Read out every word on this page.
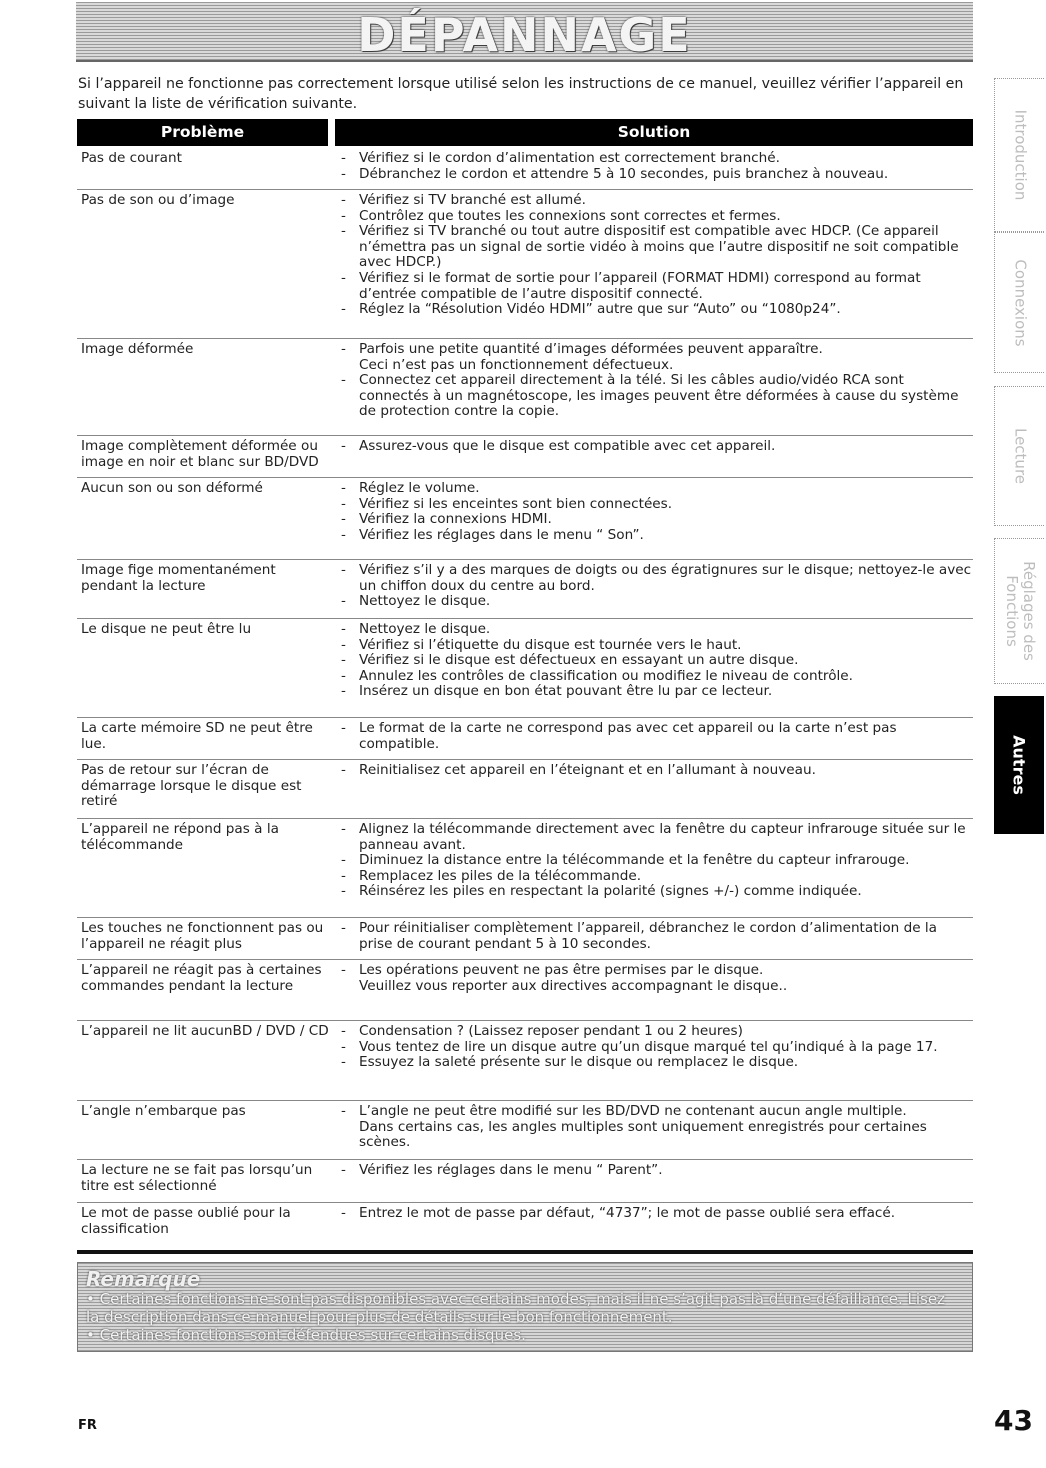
DÉPANNAGE
Si l’appareil ne fonctionne pas correctement lorsque utilisé selon les instructions de ce manuel, veuillez vérifier l’appareil en suivant la liste de vérification suivante.
Problème	Solution
Pas de courant	- Vérifiez si le cordon d’alimentation est correctement branché.
- Débranchez le cordon et attendre 5 à 10 secondes, puis branchez à nouveau.
Pas de son ou d’image	- Vérifiez si TV branché est allumé.
- Contrôlez que toutes les connexions sont correctes et fermes.
- Vérifiez si TV branché ou tout autre dispositif est compatible avec HDCP. (Ce appareil n’émettra pas un signal de sortie vidéo à moins que l’autre dispositif ne soit compatible avec HDCP.)
- Vérifiez si le format de sortie pour l’appareil (FORMAT HDMI) correspond au format d’entrée compatible de l’autre dispositif connecté.
- Réglez la “Résolution Vidéo HDMI” autre que sur “Auto” ou “1080p24”.
Image déformée	- Parfois une petite quantité d’images déformées peuvent apparaître.
Ceci n’est pas un fonctionnement défectueux.
- Connectez cet appareil directement à la télé. Si les câbles audio/vidéo RCA sont connectés à un magnétoscope, les images peuvent être déformées à cause du système de protection contre la copie.
Image complètement déformée ou image en noir et blanc sur BD/DVD
- Assurez-vous que le disque est compatible avec cet appareil.
Aucun son ou son déformé	- Réglez le volume.
- Vérifiez si les enceintes sont bien connectées.
- Vérifiez la connexions HDMI.
- Vérifiez les réglages dans le menu “ Son”.
Image fige momentanément pendant la lecture
- Vérifiez s’il y a des marques de doigts ou des égratignures sur le disque; nettoyez-le avec un chiffon doux du centre au bord.
- Nettoyez le disque.
Le disque ne peut être lu	- Nettoyez le disque.
- Vérifiez si l’étiquette du disque est tournée vers le haut.
- Vérifiez si le disque est défectueux en essayant un autre disque.
- Annulez les contrôles de classification ou modifiez le niveau de contrôle.
- Insérez un disque en bon état pouvant être lu par ce lecteur.
La carte mémoire SD ne peut être lue.
- Le format de la carte ne correspond pas avec cet appareil ou la carte n’est pas compatible.
Pas de retour sur l’écran de démarrage lorsque le disque est retiré
- Reinitialisez cet appareil en l’éteignant et en l’allumant à nouveau.
L’appareil ne répond pas à la télécommande
- Alignez la télécommande directement avec la fenêtre du capteur infrarouge située sur le panneau avant.
- Diminuez la distance entre la télécommande et la fenêtre du capteur infrarouge.
- Remplacez les piles de la télécommande.
- Réinsérez les piles en respectant la polarité (signes +/-) comme indiquée.
Les touches ne fonctionnent pas ou l’appareil ne réagit plus
- Pour réinitialiser complètement l’appareil, débranchez le cordon d’alimentation de la prise de courant pendant 5 à 10 secondes.
L’appareil ne réagit pas à certaines commandes pendant la lecture
- Les opérations peuvent ne pas être permises par le disque.
Veuillez vous reporter aux directives accompagnant le disque..
L’appareil ne lit aucunBD / DVD / CD	- Condensation ? (Laissez reposer pendant 1 ou 2 heures)
- Vous tentez de lire un disque autre qu’un disque marqué tel qu’indiqué à la page 17.
- Essuyez la saleté présente sur le disque ou remplacez le disque.
L’angle n’embarque pas	- L’angle ne peut être modifié sur les BD/DVD ne contenant aucun angle multiple.
Dans certains cas, les angles multiples sont uniquement enregistrés pour certaines scènes.
La lecture ne se fait pas lorsqu’un titre est sélectionné
- Vérifiez les réglages dans le menu “ Parent”.
Le mot de passe oublié pour la classification
- Entrez le mot de passe par défaut, “4737”; le mot de passe oublié sera effacé.
Remarque
• Certaines fonctions ne sont pas disponibles avec certains modes, mais il ne s’agit pas là d’une défaillance. Lisez la description dans ce manuel pour plus de détails sur le bon fonctionnement.
• Certaines fonctions sont défendues sur certains disques.
Introduction
Connexions
Lecture
Réglages des Fonctions
Autres
FR	43
